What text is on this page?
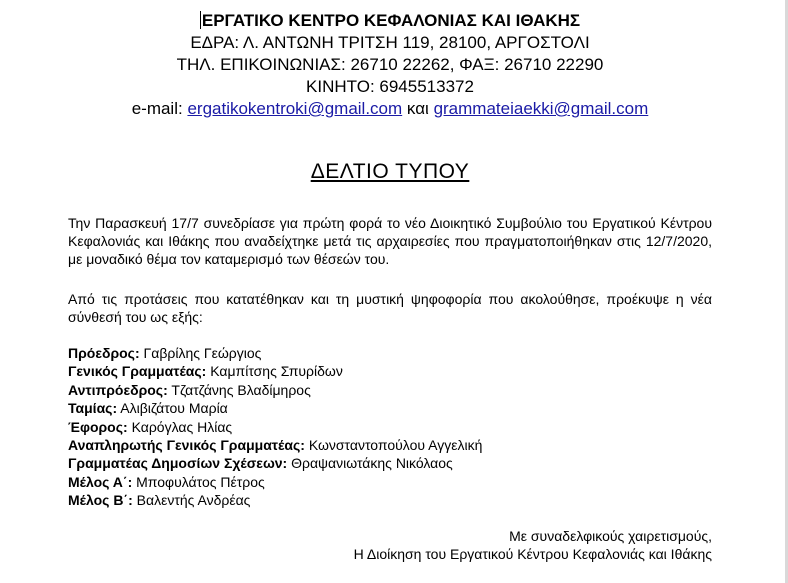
ΕΡΓΑΤΙΚΟ ΚΕΝΤΡΟ ΚΕΦΑΛΟΝΙΑΣ ΚΑΙ ΙΘΑΚΗΣ
ΕΔΡΑ: Λ. ΑΝΤΩΝΗ ΤΡΙΤΣΗ 119, 28100, ΑΡΓΟΣΤΟΛΙ
ΤΗΛ. ΕΠΙΚΟΙΝΩΝΙΑΣ: 26710 22262, ΦΑΞ: 26710 22290
ΚΙΝΗΤΟ: 6945513372
e-mail: ergatikokentroki@gmail.com και grammateiaekki@gmail.com
ΔΕΛΤΙΟ ΤΥΠΟΥ
Την Παρασκευή 17/7 συνεδρίασε για πρώτη φορά το νέο Διοικητικό Συμβούλιο του Εργατικού Κέντρου Κεφαλονιάς και Ιθάκης που αναδείχτηκε μετά τις αρχαιρεσίες που πραγματοποιήθηκαν στις 12/7/2020, με μοναδικό θέμα τον καταμερισμό των θέσεών του.
Από τις προτάσεις που κατατέθηκαν και τη μυστική ψηφοφορία που ακολούθησε, προέκυψε η νέα σύνθεσή του ως εξής:
Πρόεδρος: Γαβρίλης Γεώργιος
Γενικός Γραμματέας: Καμπίτσης Σπυρίδων
Αντιπρόεδρος: Τζατζάνης Βλαδίμηρος
Ταμίας: Αλιβιζάτου Μαρία
Έφορος: Καρόγλας Ηλίας
Αναπληρωτής Γενικός Γραμματέας: Κωνσταντοπούλου Αγγελική
Γραμματέας Δημοσίων Σχέσεων: Θραψανιωτάκης Νικόλαος
Μέλος Α΄: Μποφυλάτος Πέτρος
Μέλος Β΄: Βαλεντής Ανδρέας
Με συναδελφικούς χαιρετισμούς,
Η Διοίκηση του Εργατικού Κέντρου Κεφαλονιάς και Ιθάκης
